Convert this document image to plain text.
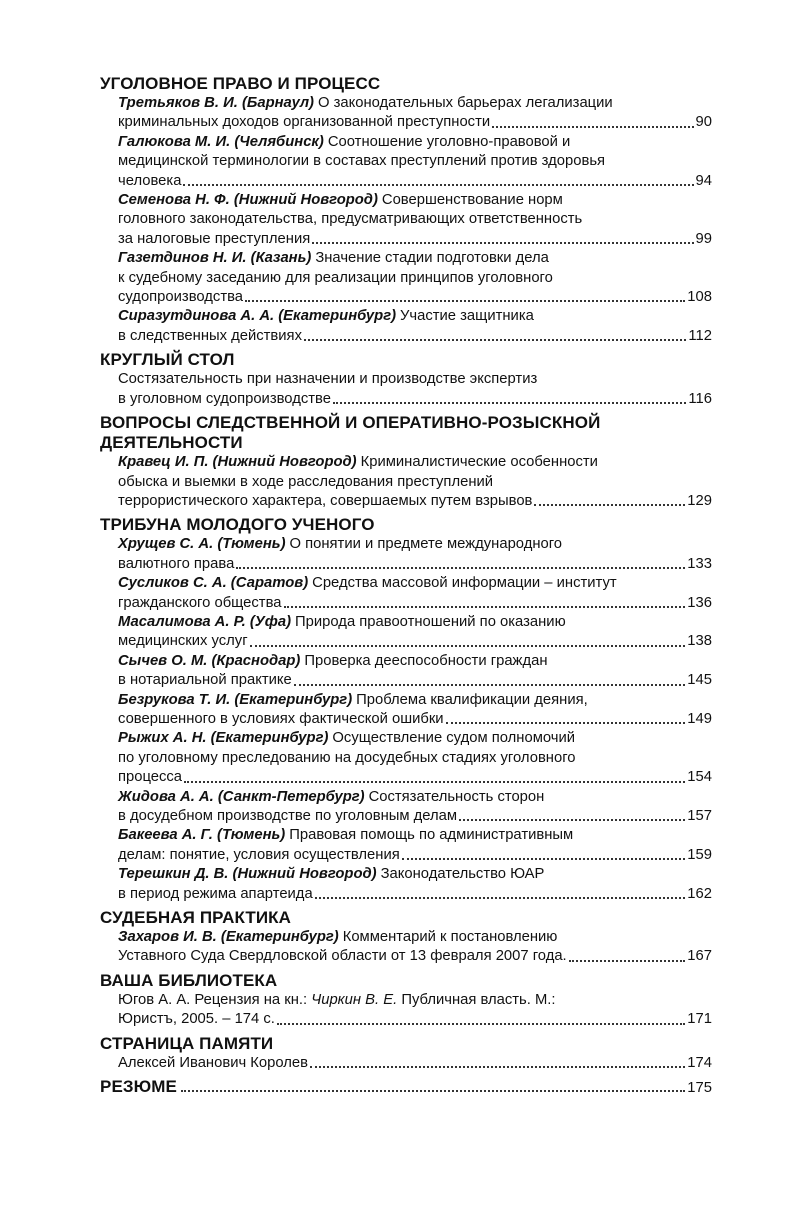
УГОЛОВНОЕ ПРАВО И ПРОЦЕСС
Третьяков В. И. (Барнаул) О законодательных барьерах легализации
криминальных доходов организованной преступности	90
Галюкова М. И. (Челябинск) Соотношение уголовно-правовой и
медицинской терминологии в составах преступлений против здоровья
человека	94
Семенова Н. Ф. (Нижний Новгород) Совершенствование норм
головного законодательства, предусматривающих ответственность
за налоговые преступления	99
Газетдинов Н. И. (Казань) Значение стадии подготовки дела
к судебному заседанию для реализации принципов уголовного
судопроизводства	108
Сиразутдинова А. А. (Екатеринбург) Участие защитника
в следственных действиях	112
КРУГЛЫЙ СТОЛ
Состязательность при назначении и производстве экспертиз
в уголовном судопроизводстве	116
ВОПРОСЫ СЛЕДСТВЕННОЙ И ОПЕРАТИВНО-РОЗЫСКНОЙ
ДЕЯТЕЛЬНОСТИ
Кравец И. П. (Нижний Новгород) Криминалистические особенности
обыска и выемки в ходе расследования преступлений
террористического характера, совершаемых путем взрывов	129
ТРИБУНА МОЛОДОГО УЧЕНОГО
Хрущев С. А. (Тюмень) О понятии и предмете международного
валютного права	133
Сусликов С. А. (Саратов) Средства массовой информации – институт
гражданского общества	136
Масалимова А. Р. (Уфа) Природа правоотношений по оказанию
медицинских услуг	138
Сычев О. М. (Краснодар) Проверка дееспособности граждан
в нотариальной практике	145
Безрукова Т. И. (Екатеринбург) Проблема квалификации деяния,
совершенного в условиях фактической ошибки	149
Рыжих А. Н. (Екатеринбург) Осуществление судом полномочий
по уголовному преследованию на досудебных стадиях уголовного
процесса	154
Жидова А. А. (Санкт-Петербург) Состязательность сторон
в досудебном производстве по уголовным делам	157
Бакеева А. Г. (Тюмень) Правовая помощь по административным
делам: понятие, условия осуществления	159
Терешкин Д. В. (Нижний Новгород) Законодательство ЮАР
в период режима апартеида	162
СУДЕБНАЯ ПРАКТИКА
Захаров И. В. (Екатеринбург) Комментарий к постановлению
Уставного Суда Свердловской области от 13 февраля 2007 года.	167
ВАША БИБЛИОТЕКА
Югов А. А. Рецензия на кн.:
Чиркин В. Е.
Публичная власть. М.:
Юристъ, 2005. – 174 с.	171
СТРАНИЦА ПАМЯТИ
Алексей Иванович Королев	174
РЕЗЮМЕ	175
